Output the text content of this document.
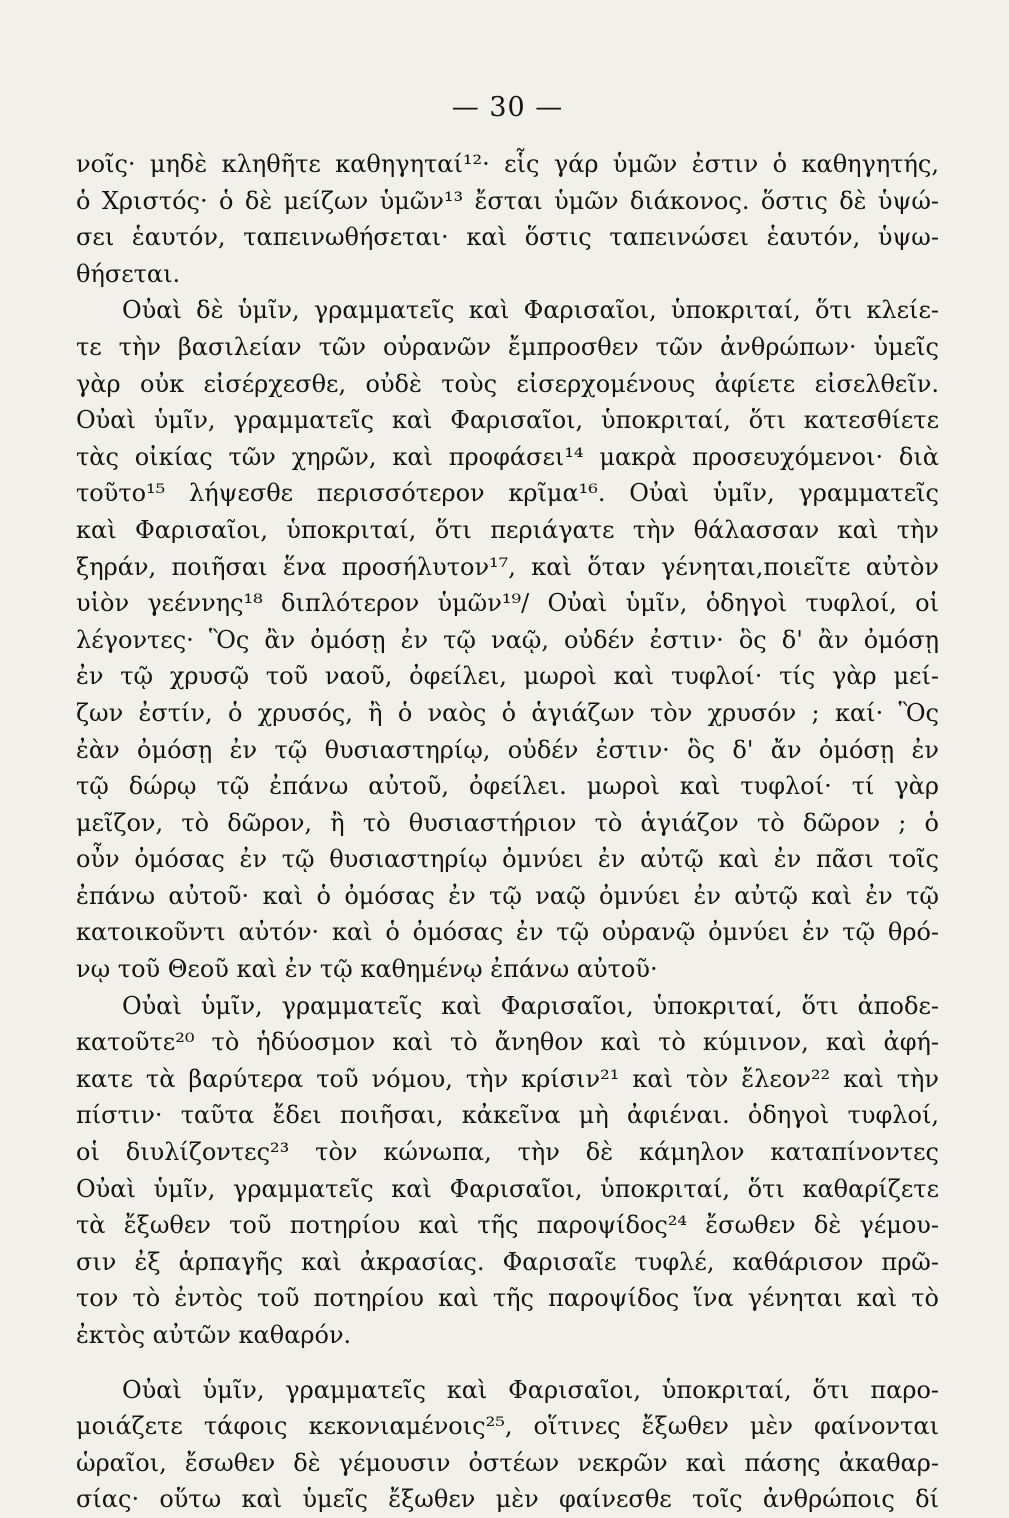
— 30 —
νοῖς· μηδὲ κληθῆτε καθηγηταί¹²· εἷς γάρ ὑμῶν ἐστιν ὁ καθηγητής,
ὁ Χριστός· ὁ δὲ μείζων ὑμῶν¹³ ἔσται ὑμῶν διάκονος. ὅστις δὲ ὑψώ-
σει ἑαυτόν, ταπεινωθήσεται· καὶ ὅστις ταπεινώσει ἑαυτόν, ὑψω-
θήσεται.
Οὐαὶ δὲ ὑμῖν, γραμματεῖς καὶ Φαρισαῖοι, ὑποκριταί, ὅτι κλείε-
τε τὴν βασιλείαν τῶν οὐρανῶν ἔμπροσθεν τῶν ἀνθρώπων· ὑμεῖς
γὰρ οὐκ εἰσέρχεσθε, οὐδὲ τοὺς εἰσερχομένους ἀφίετε εἰσελθεῖν.
Οὐαὶ ὑμῖν, γραμματεῖς καὶ Φαρισαῖοι, ὑποκριταί, ὅτι κατεσθίετε
τὰς οἰκίας τῶν χηρῶν, καὶ προφάσει¹⁴ μακρὰ προσευχόμενοι· διὰ
τοῦτο¹⁵ λήψεσθε περισσότερον κρῖμα¹⁶. Οὐαὶ ὑμῖν, γραμματεῖς
καὶ Φαρισαῖοι, ὑποκριταί, ὅτι περιάγατε τὴν θάλασσαν καὶ τὴν
ξηράν, ποιῆσαι ἕνα προσήλυτον¹⁷, καὶ ὅταν γένηται,ποιεῖτε αὐτὸν
υἱὸν γεέννης¹⁸ διπλότερον ὑμῶν¹⁹/ Οὐαὶ ὑμῖν, ὁδηγοὶ τυφλοί, οἱ
λέγοντες· Ὃς ἂν ὀμόσῃ ἐν τῷ ναῷ, οὐδέν ἐστιν· ὃς δ' ἂν ὀμόσῃ
ἐν τῷ χρυσῷ τοῦ ναοῦ, ὀφείλει, μωροὶ καὶ τυφλοί· τίς γὰρ μεί-
ζων ἐστίν, ὁ χρυσός, ἢ ὁ ναὸς ὁ ἁγιάζων τὸν χρυσόν ; καί· Ὃς
ἐὰν ὀμόσῃ ἐν τῷ θυσιαστηρίῳ, οὐδέν ἐστιν· ὃς δ' ἄν ὀμόσῃ ἐν
τῷ δώρῳ τῷ ἐπάνω αὐτοῦ, ὀφείλει. μωροὶ καὶ τυφλοί· τί γὰρ
μεῖζον, τὸ δῶρον, ἢ τὸ θυσιαστήριον τὸ ἁγιάζον τὸ δῶρον ; ὁ
οὖν ὀμόσας ἐν τῷ θυσιαστηρίῳ ὀμνύει ἐν αὐτῷ καὶ ἐν πᾶσι τοῖς
ἐπάνω αὐτοῦ· καὶ ὁ ὀμόσας ἐν τῷ ναῷ ὀμνύει ἐν αὐτῷ καὶ ἐν τῷ
κατοικοῦντι αὐτόν· καὶ ὁ ὀμόσας ἐν τῷ οὐρανῷ ὀμνύει ἐν τῷ θρό-
νῳ τοῦ Θεοῦ καὶ ἐν τῷ καθημένῳ ἐπάνω αὐτοῦ·
Οὐαὶ ὑμῖν, γραμματεῖς καὶ Φαρισαῖοι, ὑποκριταί, ὅτι ἀποδε-
κατοῦτε²⁰ τὸ ἡδύοσμον καὶ τὸ ἄνηθον καὶ τὸ κύμινον, καὶ ἀφή-
κατε τὰ βαρύτερα τοῦ νόμου, τὴν κρίσιν²¹ καὶ τὸν ἔλεον²² καὶ τὴν
πίστιν· ταῦτα ἔδει ποιῆσαι, κἀκεῖνα μὴ ἀφιέναι. ὁδηγοὶ τυφλοί,
οἱ διυλίζοντες²³ τὸν κώνωπα, τὴν δὲ κάμηλον καταπίνοντες
Οὐαὶ ὑμῖν, γραμματεῖς καὶ Φαρισαῖοι, ὑποκριταί, ὅτι καθαρίζετε
τὰ ἔξωθεν τοῦ ποτηρίου καὶ τῆς παροψίδος²⁴ ἔσωθεν δὲ γέμου-
σιν ἐξ ἁρπαγῆς καὶ ἀκρασίας. Φαρισαῖε τυφλέ, καθάρισον πρῶ-
τον τὸ ἐντὸς τοῦ ποτηρίου καὶ τῆς παροψίδος ἵνα γένηται καὶ τὸ
ἐκτὸς αὐτῶν καθαρόν.
Οὐαὶ ὑμῖν, γραμματεῖς καὶ Φαρισαῖοι, ὑποκριταί, ὅτι παρο-
μοιάζετε τάφοις κεκονιαμένοις²⁵, οἵτινες ἔξωθεν μὲν φαίνονται
ὡραῖοι, ἔσωθεν δὲ γέμουσιν ὀστέων νεκρῶν καὶ πάσης ἀκαθαρ-
σίας· οὕτω καὶ ὑμεῖς ἔξωθεν μὲν φαίνεσθε τοῖς ἀνθρώποις δί
